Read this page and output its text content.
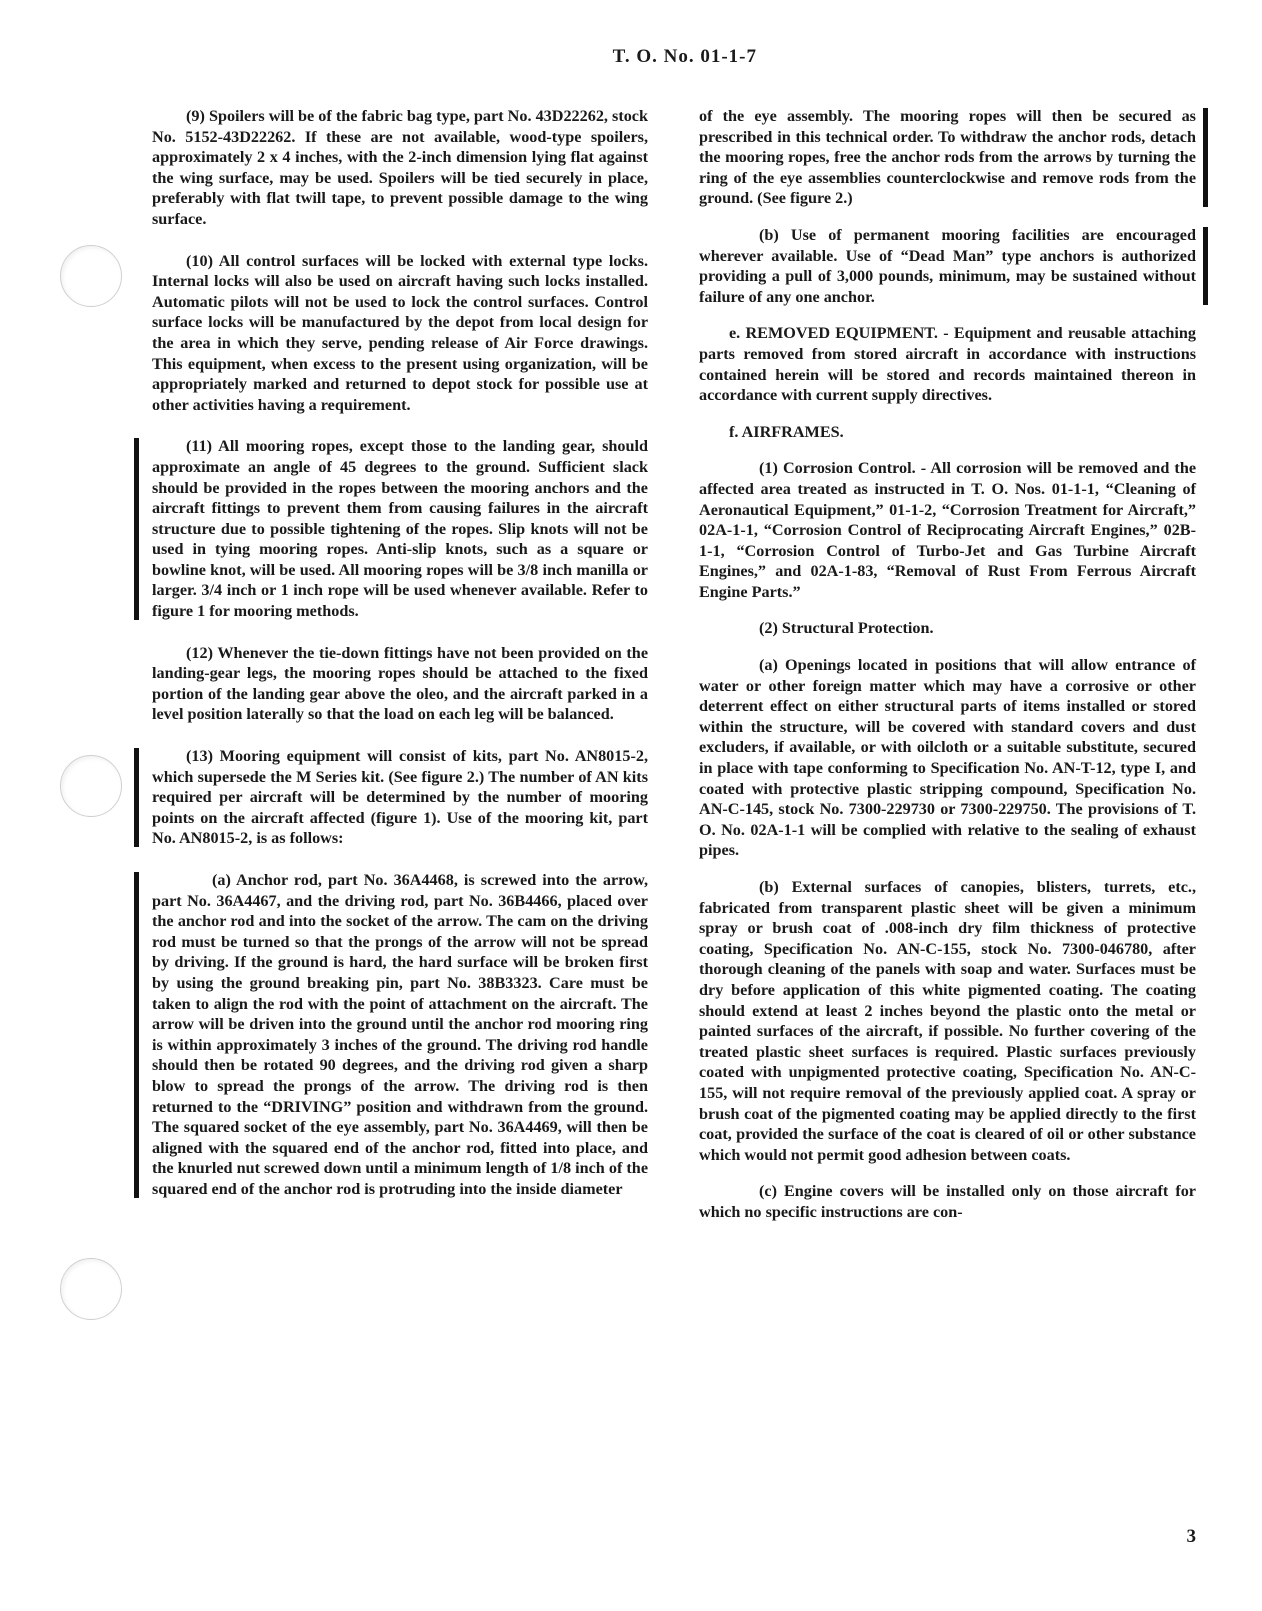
T. O. No. 01-1-7

(9) Spoilers will be of the fabric bag type, part No. 43D22262, stock No. 5152-43D22262. If these are not available, wood-type spoilers, approximately 2 x 4 inches, with the 2-inch dimension lying flat against the wing surface, may be used. Spoilers will be tied securely in place, preferably with flat twill tape, to prevent possible damage to the wing surface.

(10) All control surfaces will be locked with external type locks. Internal locks will also be used on aircraft having such locks installed. Automatic pilots will not be used to lock the control surfaces. Control surface locks will be manufactured by the depot from local design for the area in which they serve, pending release of Air Force drawings. This equipment, when excess to the present using organization, will be appropriately marked and returned to depot stock for possible use at other activities having a requirement.

(11) All mooring ropes, except those to the landing gear, should approximate an angle of 45 degrees to the ground. Sufficient slack should be provided in the ropes between the mooring anchors and the aircraft fittings to prevent them from causing failures in the aircraft structure due to possible tightening of the ropes. Slip knots will not be used in tying mooring ropes. Anti-slip knots, such as a square or bowline knot, will be used. All mooring ropes will be 3/8 inch manilla or larger. 3/4 inch or 1 inch rope will be used whenever available. Refer to figure 1 for mooring methods.

(12) Whenever the tie-down fittings have not been provided on the landing-gear legs, the mooring ropes should be attached to the fixed portion of the landing gear above the oleo, and the aircraft parked in a level position laterally so that the load on each leg will be balanced.

(13) Mooring equipment will consist of kits, part No. AN8015-2, which supersede the M Series kit. (See figure 2.) The number of AN kits required per aircraft will be determined by the number of mooring points on the aircraft affected (figure 1). Use of the mooring kit, part No. AN8015-2, is as follows:

(a) Anchor rod, part No. 36A4468, is screwed into the arrow, part No. 36A4467, and the driving rod, part No. 36B4466, placed over the anchor rod and into the socket of the arrow. The cam on the driving rod must be turned so that the prongs of the arrow will not be spread by driving. If the ground is hard, the hard surface will be broken first by using the ground breaking pin, part No. 38B3323. Care must be taken to align the rod with the point of attachment on the aircraft. The arrow will be driven into the ground until the anchor rod mooring ring is within approximately 3 inches of the ground. The driving rod handle should then be rotated 90 degrees, and the driving rod given a sharp blow to spread the prongs of the arrow. The driving rod is then returned to the “DRIVING” position and withdrawn from the ground. The squared socket of the eye assembly, part No. 36A4469, will then be aligned with the squared end of the anchor rod, fitted into place, and the knurled nut screwed down until a minimum length of 1/8 inch of the squared end of the anchor rod is protruding into the inside diameter

of the eye assembly. The mooring ropes will then be secured as prescribed in this technical order. To withdraw the anchor rods, detach the mooring ropes, free the anchor rods from the arrows by turning the ring of the eye assemblies counterclockwise and remove rods from the ground. (See figure 2.)

(b) Use of permanent mooring facilities are encouraged wherever available. Use of “Dead Man” type anchors is authorized providing a pull of 3,000 pounds, minimum, may be sustained without failure of any one anchor.

e. REMOVED EQUIPMENT. - Equipment and reusable attaching parts removed from stored aircraft in accordance with instructions contained herein will be stored and records maintained thereon in accordance with current supply directives.

f. AIRFRAMES.

(1) Corrosion Control. - All corrosion will be removed and the affected area treated as instructed in T. O. Nos. 01-1-1, “Cleaning of Aeronautical Equipment,” 01-1-2, “Corrosion Treatment for Aircraft,” 02A-1-1, “Corrosion Control of Reciprocating Aircraft Engines,” 02B-1-1, “Corrosion Control of Turbo-Jet and Gas Turbine Aircraft Engines,” and 02A-1-83, “Removal of Rust From Ferrous Aircraft Engine Parts.”

(2) Structural Protection.

(a) Openings located in positions that will allow entrance of water or other foreign matter which may have a corrosive or other deterrent effect on either structural parts of items installed or stored within the structure, will be covered with standard covers and dust excluders, if available, or with oilcloth or a suitable substitute, secured in place with tape conforming to Specification No. AN-T-12, type I, and coated with protective plastic stripping compound, Specification No. AN-C-145, stock No. 7300-229730 or 7300-229750. The provisions of T. O. No. 02A-1-1 will be complied with relative to the sealing of exhaust pipes.

(b) External surfaces of canopies, blisters, turrets, etc., fabricated from transparent plastic sheet will be given a minimum spray or brush coat of .008-inch dry film thickness of protective coating, Specification No. AN-C-155, stock No. 7300-046780, after thorough cleaning of the panels with soap and water. Surfaces must be dry before application of this white pigmented coating. The coating should extend at least 2 inches beyond the plastic onto the metal or painted surfaces of the aircraft, if possible. No further covering of the treated plastic sheet surfaces is required. Plastic surfaces previously coated with unpigmented protective coating, Specification No. AN-C-155, will not require removal of the previously applied coat. A spray or brush coat of the pigmented coating may be applied directly to the first coat, provided the surface of the coat is cleared of oil or other substance which would not permit good adhesion between coats.

(c) Engine covers will be installed only on those aircraft for which no specific instructions are con-

3
